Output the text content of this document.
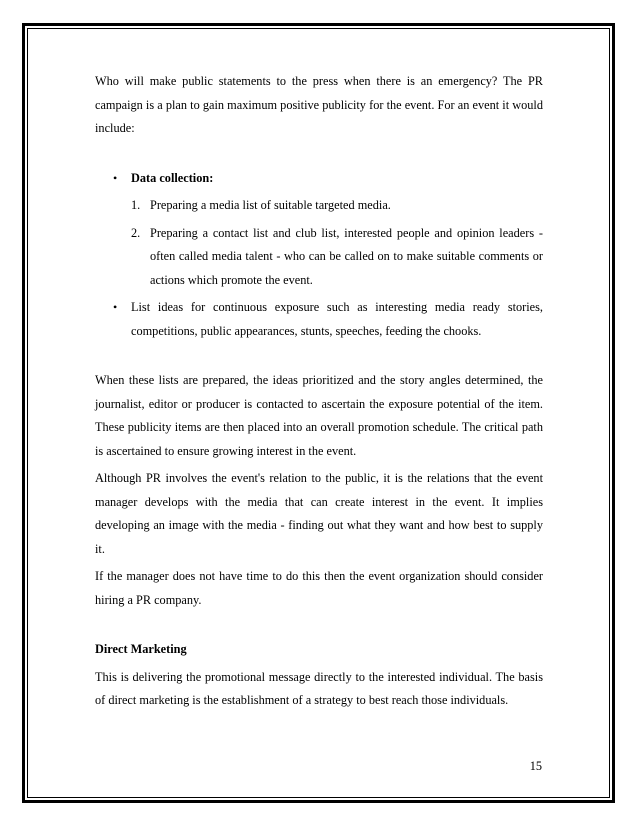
Who will make public statements to the press when there is an emergency? The PR campaign is a plan to gain maximum positive publicity for the event. For an event it would include:

•	Data collection:

1. Preparing a media list of suitable targeted media.

2. Preparing a contact list and club list, interested people and opinion leaders - often called media talent - who can be called on to make suitable comments or actions which promote the event.

•	List ideas for continuous exposure such as interesting media ready stories, competitions, public appearances, stunts, speeches, feeding the chooks.

When these lists are prepared, the ideas prioritized and the story angles determined, the journalist, editor or producer is contacted to ascertain the exposure potential of the item. These publicity items are then placed into an overall promotion schedule. The critical path is ascertained to ensure growing interest in the event.

Although PR involves the event's relation to the public, it is the relations that the event manager develops with the media that can create interest in the event. It implies developing an image with the media - finding out what they want and how best to supply it.

If the manager does not have time to do this then the event organization should consider hiring a PR company.

Direct Marketing

This is delivering the promotional message directly to the interested individual. The basis of direct marketing is the establishment of a strategy to best reach those individuals.

15
